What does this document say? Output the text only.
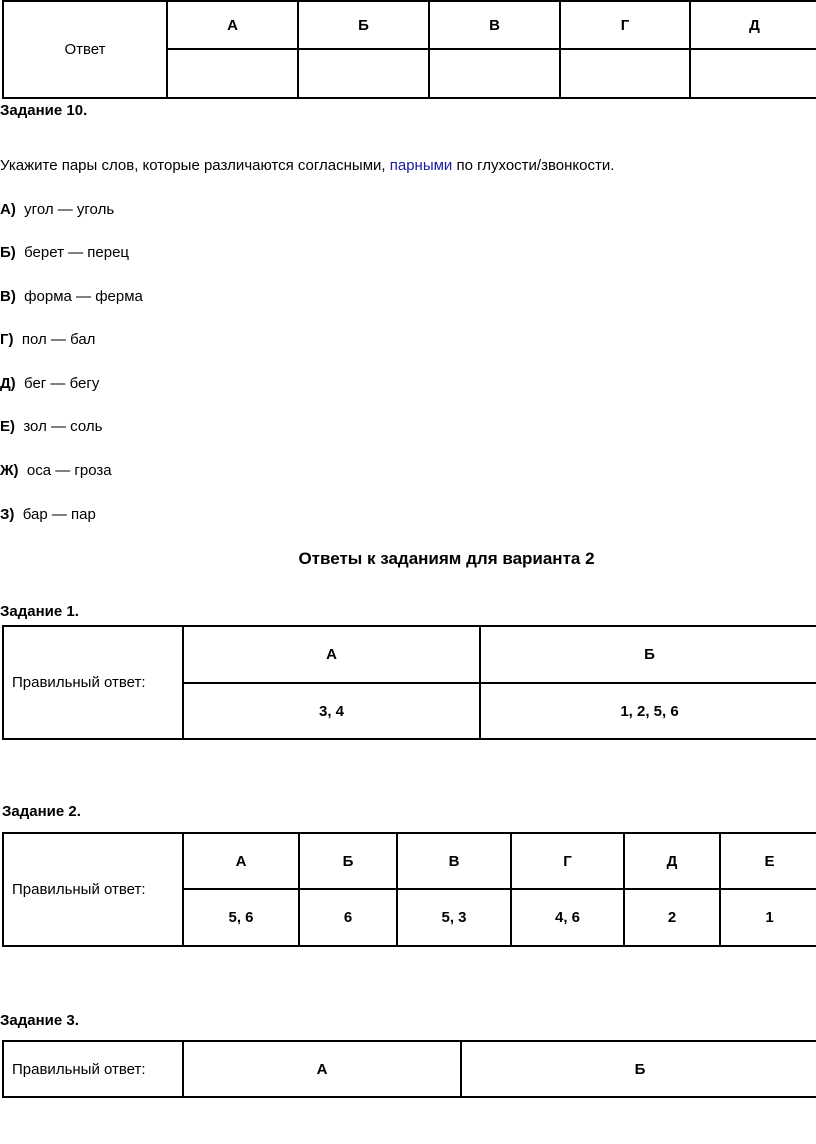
Ответ	А	Б	В	Г	Д

Задание 10.
Укажите пары слов, которые различаются согласными, парными по глухости/звонкости.
А) угол — уголь
Б) берет — перец
В) форма — ферма
Г) пол — бал
Д) бег — бегу
Е) зол — соль
Ж) оса — гроза
З) бар — пар
Ответы к заданиям для варианта 2
Задание 1.
Правильный ответ:	А	Б
	3, 4	1, 2, 5, 6
Задание 2.
Правильный ответ:	А	Б	В	Г	Д	Е
	5, 6	6	5, 3	4, 6	2	1
Задание 3.
Правильный ответ:	А	Б
